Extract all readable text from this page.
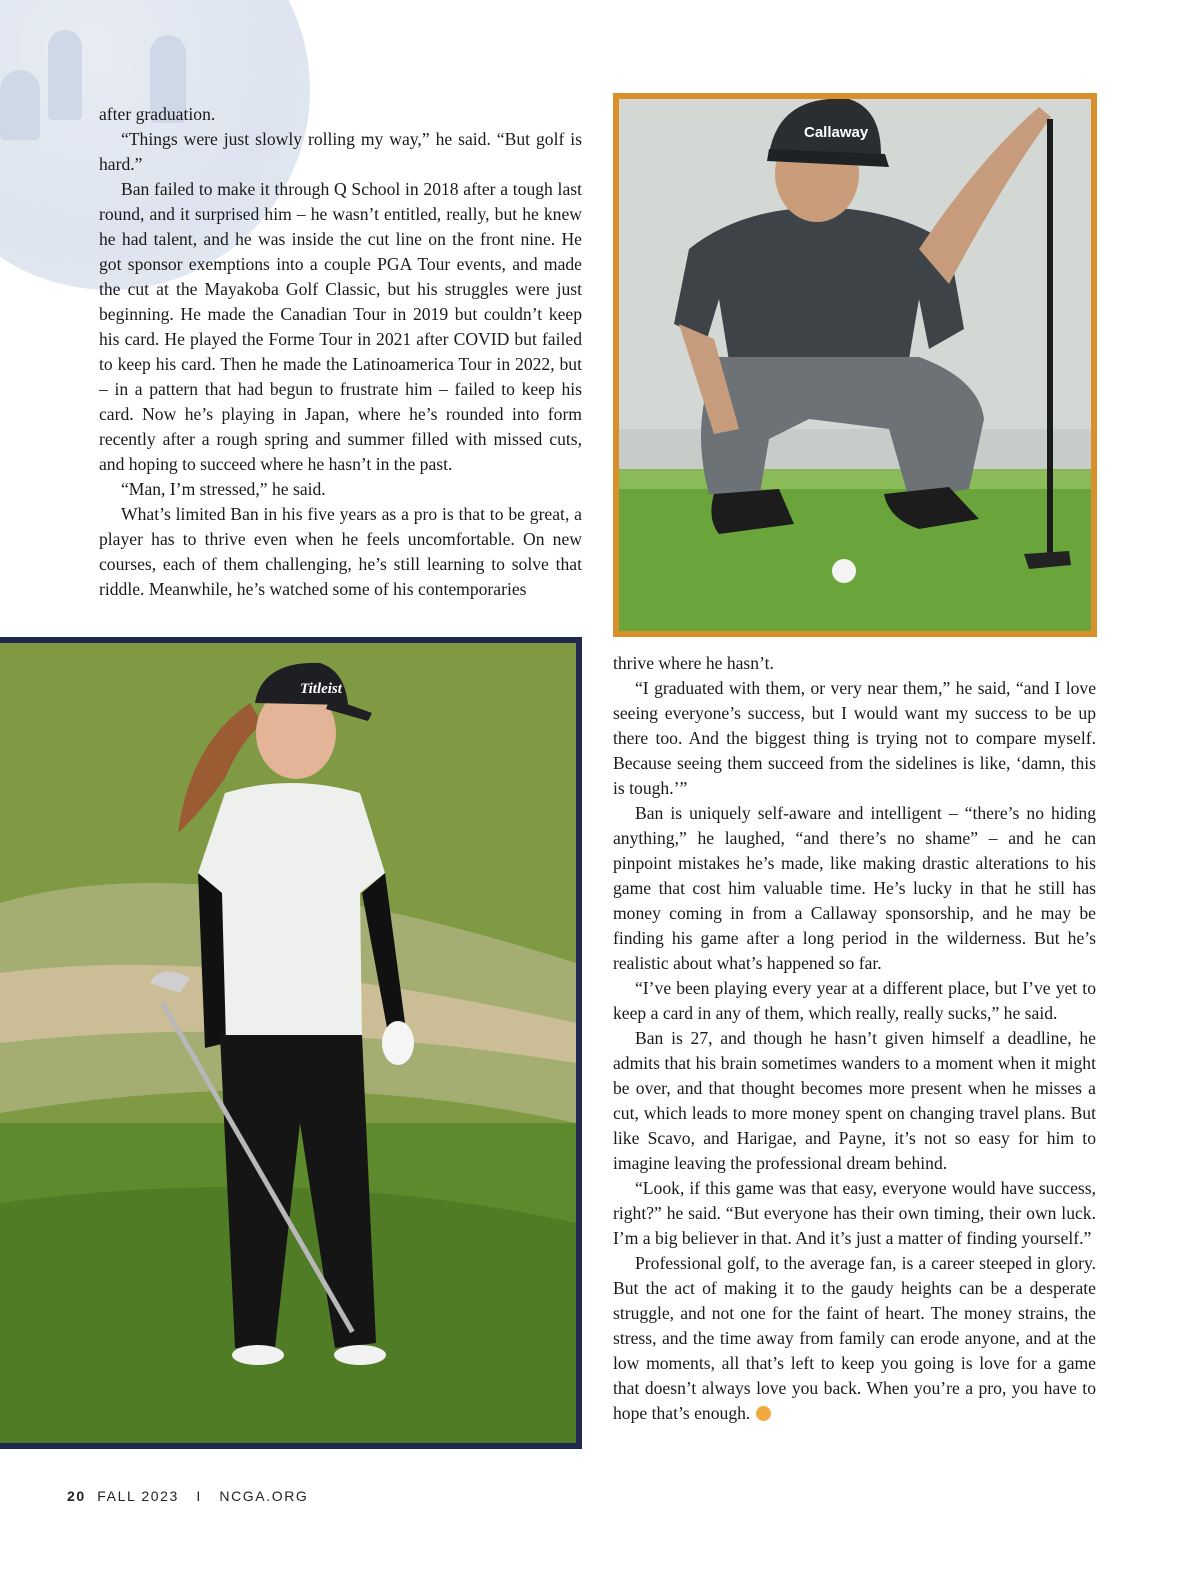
after graduation.

“Things were just slowly rolling my way,” he said. “But golf is hard.”

Ban failed to make it through Q School in 2018 after a tough last round, and it surprised him – he wasn’t entitled, really, but he knew he had talent, and he was inside the cut line on the front nine. He got sponsor exemptions into a couple PGA Tour events, and made the cut at the Mayakoba Golf Classic, but his struggles were just beginning. He made the Canadian Tour in 2019 but couldn’t keep his card. He played the Forme Tour in 2021 after COVID but failed to keep his card. Then he made the Latinoamerica Tour in 2022, but – in a pattern that had begun to frustrate him – failed to keep his card. Now he’s playing in Japan, where he’s rounded into form recently after a rough spring and summer filled with missed cuts, and hoping to succeed where he hasn’t in the past.

“Man, I’m stressed,” he said.

What’s limited Ban in his five years as a pro is that to be great, a player has to thrive even when he feels uncomfortable. On new courses, each of them challenging, he’s still learning to solve that riddle. Meanwhile, he’s watched some of his contemporaries

Callaway
Titleist

thrive where he hasn’t.

“I graduated with them, or very near them,” he said, “and I love seeing everyone’s success, but I would want my success to be up there too. And the biggest thing is trying not to compare myself. Because seeing them succeed from the sidelines is like, ‘damn, this is tough.’”

Ban is uniquely self-aware and intelligent – “there’s no hiding anything,” he laughed, “and there’s no shame” – and he can pinpoint mistakes he’s made, like making drastic alterations to his game that cost him valuable time. He’s lucky in that he still has money coming in from a Callaway sponsorship, and he may be finding his game after a long period in the wilderness. But he’s realistic about what’s happened so far.

“I’ve been playing every year at a different place, but I’ve yet to keep a card in any of them, which really, really sucks,” he said.

Ban is 27, and though he hasn’t given himself a deadline, he admits that his brain sometimes wanders to a moment when it might be over, and that thought becomes more present when he misses a cut, which leads to more money spent on changing travel plans. But like Scavo, and Harigae, and Payne, it’s not so easy for him to imagine leaving the professional dream behind.

“Look, if this game was that easy, everyone would have success, right?” he said. “But everyone has their own timing, their own luck. I’m a big believer in that. And it’s just a matter of finding yourself.”

Professional golf, to the average fan, is a career steeped in glory. But the act of making it to the gaudy heights can be a desperate struggle, and not one for the faint of heart. The money strains, the stress, and the time away from family can erode anyone, and at the low moments, all that’s left to keep you going is love for a game that doesn’t always love you back. When you’re a pro, you have to hope that’s enough.

20 FALL 2023 I NCGA.ORG
